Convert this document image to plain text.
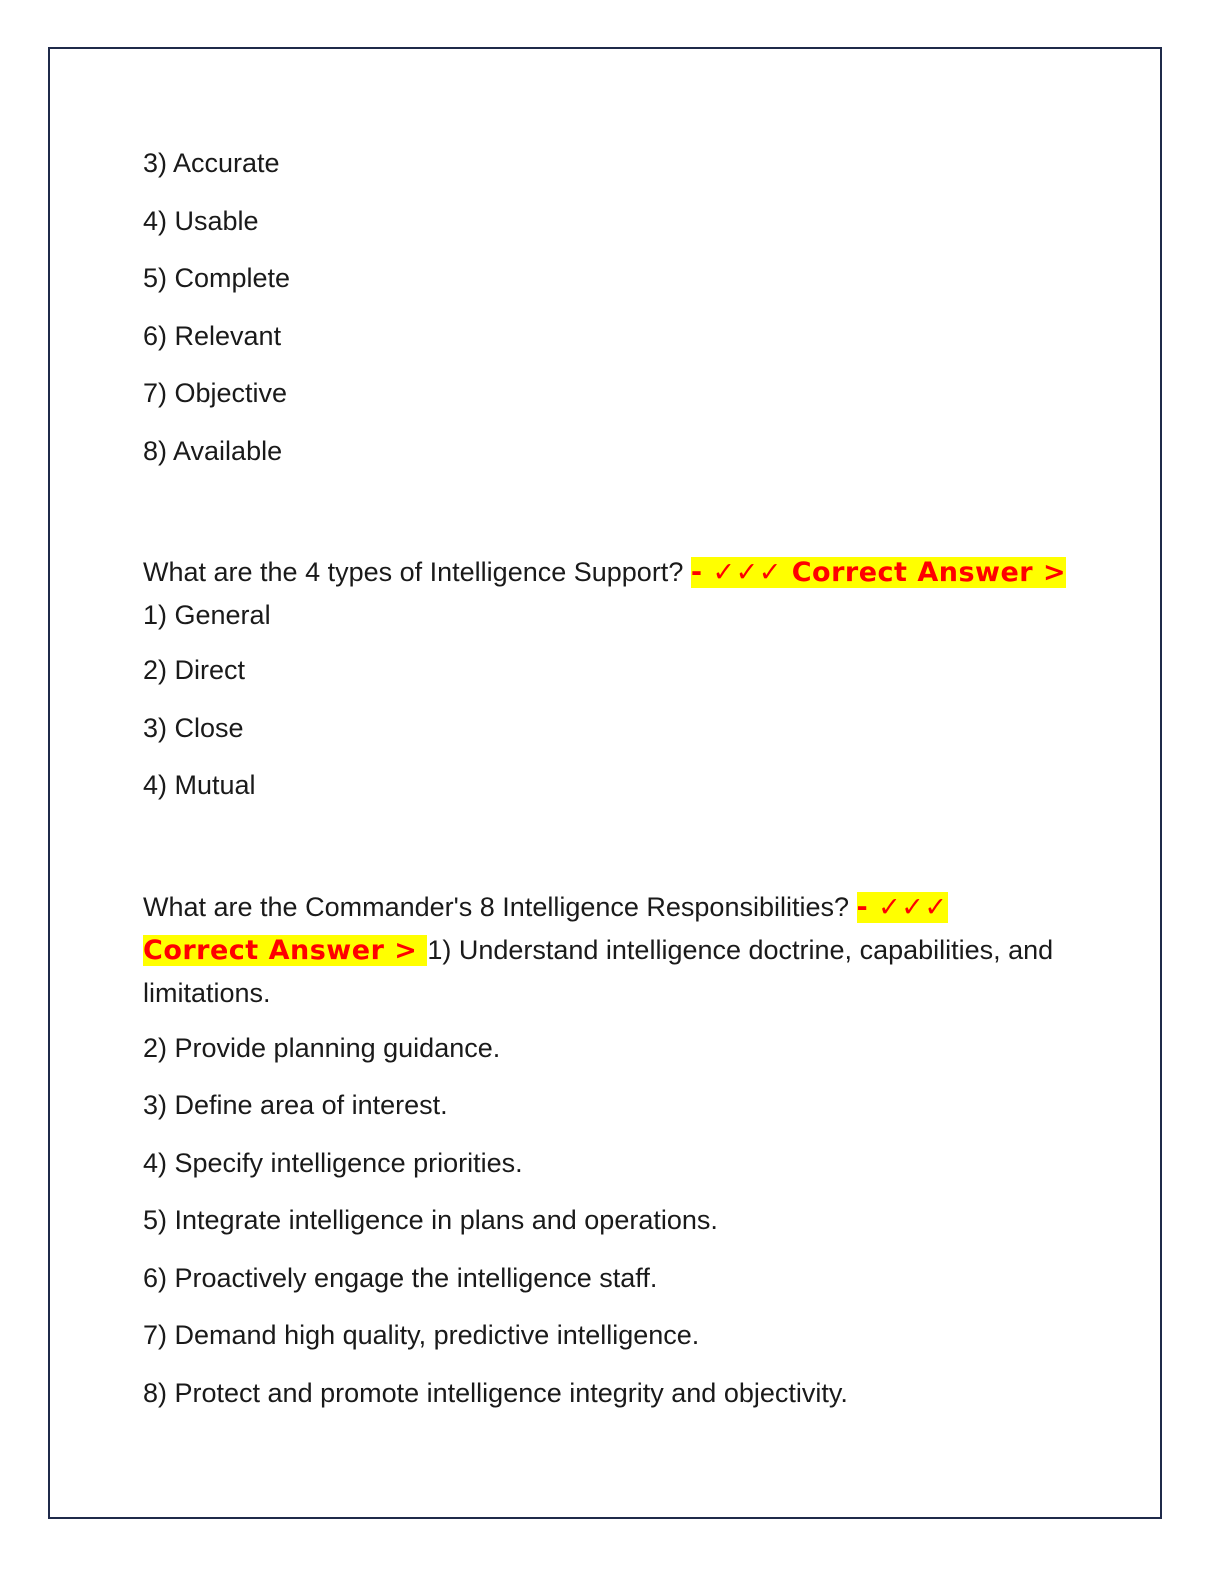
3) Accurate

4) Usable

5) Complete

6) Relevant

7) Objective

8) Available

What are the 4 types of Intelligence Support? - ✓✓✓ Correct Answer > 1) General

2) Direct

3) Close

4) Mutual

What are the Commander's 8 Intelligence Responsibilities? - ✓✓✓
Correct Answer > 1) Understand intelligence doctrine, capabilities, and limitations.

2) Provide planning guidance.

3) Define area of interest.

4) Specify intelligence priorities.

5) Integrate intelligence in plans and operations.

6) Proactively engage the intelligence staff.

7) Demand high quality, predictive intelligence.

8) Protect and promote intelligence integrity and objectivity.
